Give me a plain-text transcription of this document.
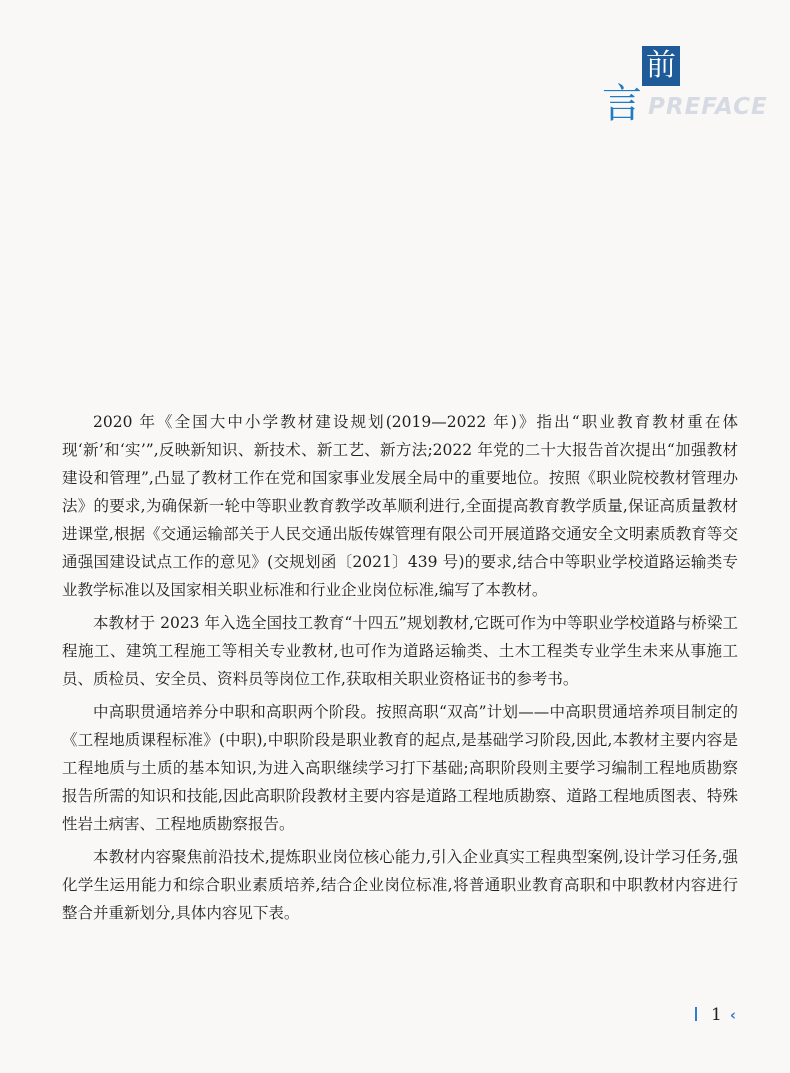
前
言 PREFACE

2020 年《全国大中小学教材建设规划(2019—2022 年)》指出“职业教育教材重在体现‘新’和‘实’”,反映新知识、新技术、新工艺、新方法;2022 年党的二十大报告首次提出“加强教材建设和管理”,凸显了教材工作在党和国家事业发展全局中的重要地位。按照《职业院校教材管理办法》的要求,为确保新一轮中等职业教育教学改革顺利进行,全面提高教育教学质量,保证高质量教材进课堂,根据《交通运输部关于人民交通出版传媒管理有限公司开展道路交通安全文明素质教育等交通强国建设试点工作的意见》(交规划函〔2021〕439 号)的要求,结合中等职业学校道路运输类专业教学标准以及国家相关职业标准和行业企业岗位标准,编写了本教材。

本教材于 2023 年入选全国技工教育“十四五”规划教材,它既可作为中等职业学校道路与桥梁工程施工、建筑工程施工等相关专业教材,也可作为道路运输类、土木工程类专业学生未来从事施工员、质检员、安全员、资料员等岗位工作,获取相关职业资格证书的参考书。

中高职贯通培养分中职和高职两个阶段。按照高职“双高”计划——中高职贯通培养项目制定的《工程地质课程标准》(中职),中职阶段是职业教育的起点,是基础学习阶段,因此,本教材主要内容是工程地质与土质的基本知识,为进入高职继续学习打下基础;高职阶段则主要学习编制工程地质勘察报告所需的知识和技能,因此高职阶段教材主要内容是道路工程地质勘察、道路工程地质图表、特殊性岩土病害、工程地质勘察报告。

本教材内容聚焦前沿技术,提炼职业岗位核心能力,引入企业真实工程典型案例,设计学习任务,强化学生运用能力和综合职业素质培养,结合企业岗位标准,将普通职业教育高职和中职教材内容进行整合并重新划分,具体内容见下表。

1 ‹
